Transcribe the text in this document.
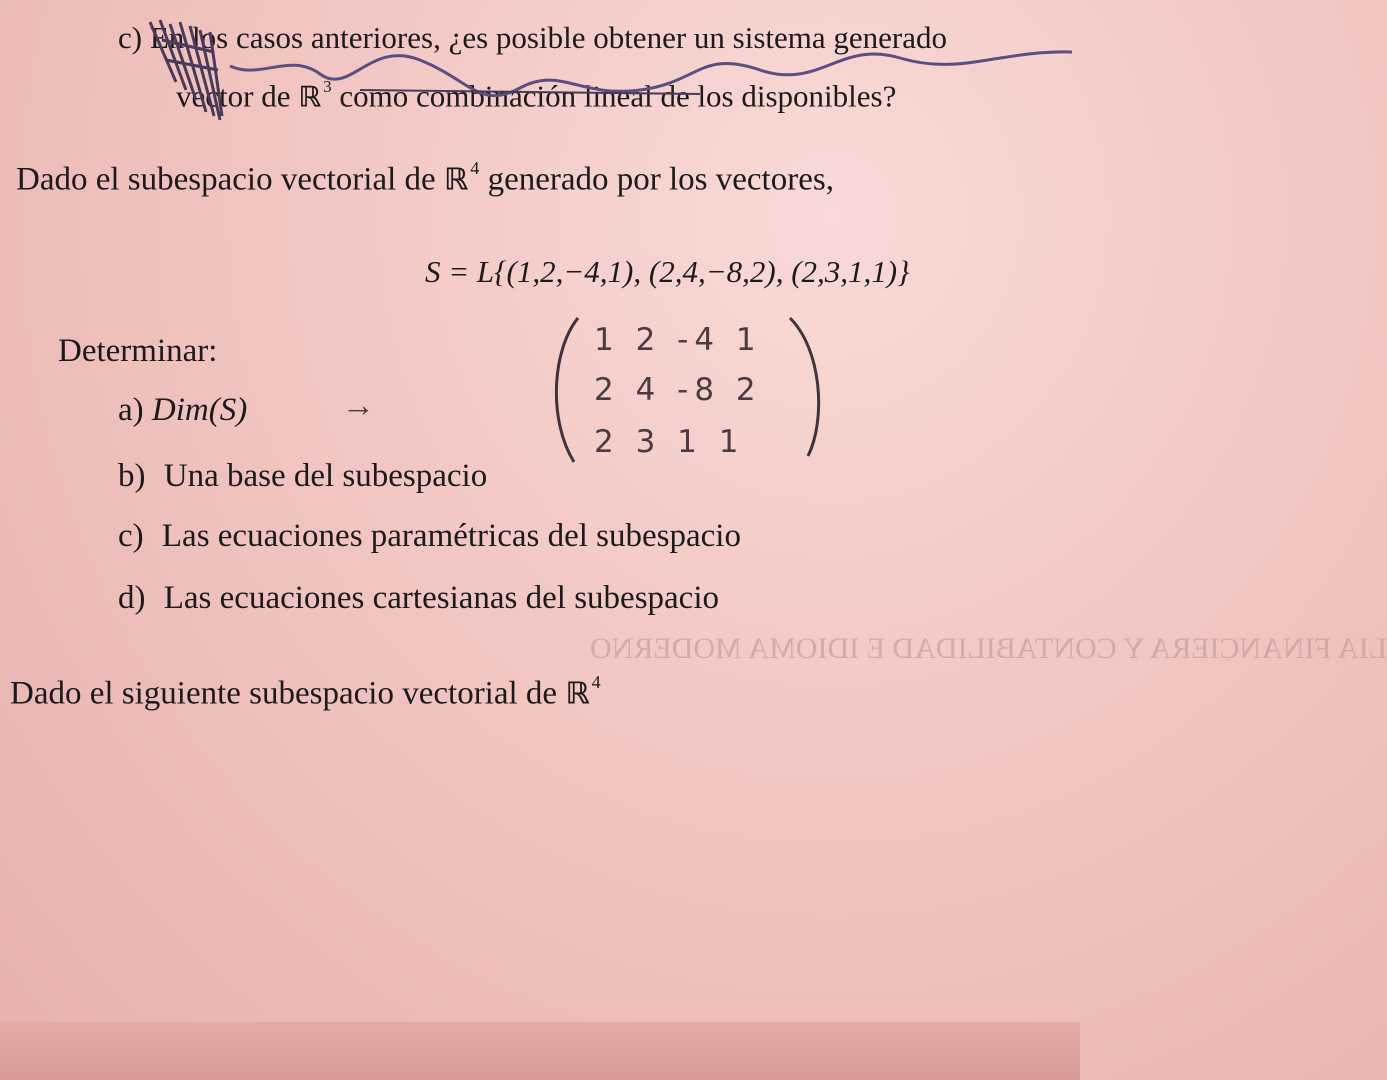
c) En los casos anteriores, ¿es posible obtener un sistema generado
vector de ℝ $^3$ como combinación lineal de los disponibles?
Dado el subespacio vectorial de ℝ $^4$ generado por los vectores,
S = L{(1,2,−4,1), (2,4,−8,2), (2,3,1,1)}
Determinar:
a) Dim(S)	→
b) Una base del subespacio
c) Las ecuaciones paramétricas del subespacio
d) Las ecuaciones cartesianas del subespacio
1 2 -4 1
2 4 -8 2
2 3 1 1
LIA FINANCIERA Y CONTABILIDAD E IDIOMA MODERNO
Dado el siguiente subespacio vectorial de ℝ $^4$
